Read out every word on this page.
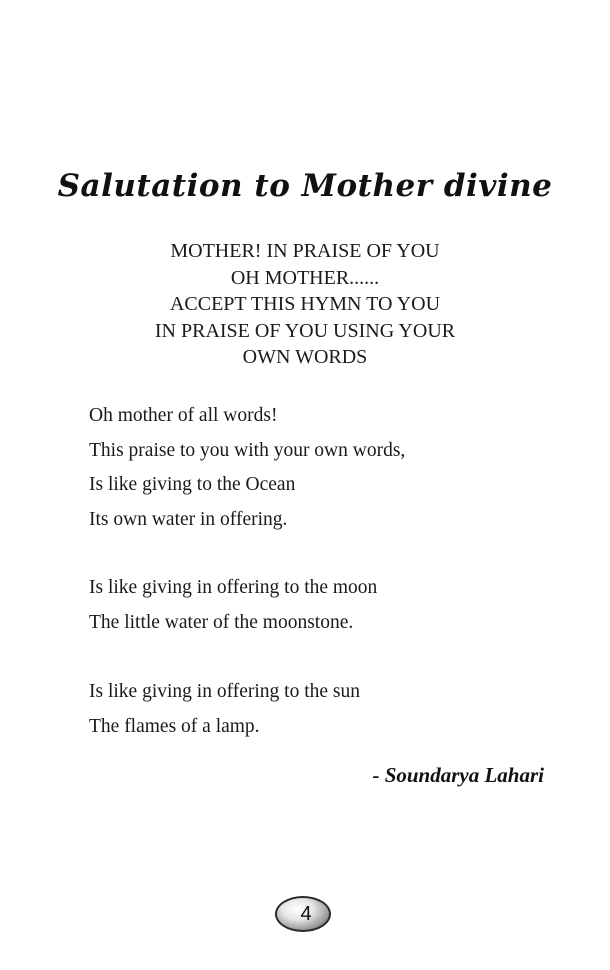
Salutation to Mother divine
MOTHER! IN PRAISE OF YOU
OH MOTHER......
ACCEPT THIS HYMN TO YOU
IN PRAISE OF YOU USING YOUR
OWN WORDS
Oh mother of all words!
This praise to you with your own words,
Is like giving to the Ocean
Its own water in offering.
Is like giving in offering to the moon
The little water of the moonstone.
Is like giving in offering to the sun
The flames of a lamp.
- Soundarya Lahari
4
